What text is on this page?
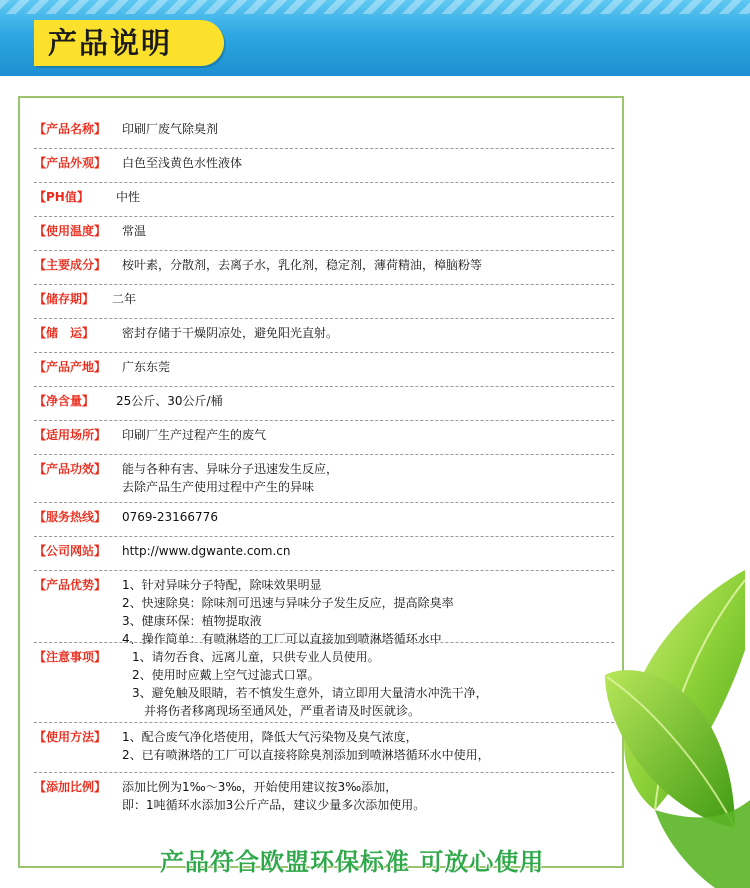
产品说明
【产品名称】 印刷厂废气除臭剂
【产品外观】 白色至浅黄色水性液体
【PH值】 中性
【使用温度】 常温
【主要成分】 桉叶素，分散剂，去离子水，乳化剂，稳定剂，薄荷精油，樟脑粉等
【储存期】 二年
【储　运】 密封存储于干燥阴凉处，避免阳光直射。
【产品产地】 广东东莞
【净含量】 25公斤、30公斤/桶
【适用场所】 印刷厂生产过程产生的废气
【产品功效】 能与各种有害、异味分子迅速发生反应，
去除产品生产使用过程中产生的异味
【服务热线】 0769-23166776
【公司网站】 http://www.dgwante.com.cn
【产品优势】 1、针对异味分子特配，除味效果明显
2、快速除臭：除味剂可迅速与异味分子发生反应，提高除臭率
3、健康环保：植物提取液
4、操作简单：有喷淋塔的工厂可以直接加到喷淋塔循环水中
【注意事项】 1、请勿吞食、远离儿童，只供专业人员使用。
2、使用时应戴上空气过滤式口罩。
3、避免触及眼睛，若不慎发生意外，请立即用大量清水冲洗干净，
　并将伤者移离现场至通风处，严重者请及时医就诊。
【使用方法】 1、配合废气净化塔使用，降低大气污染物及臭气浓度，
2、已有喷淋塔的工厂可以直接将除臭剂添加到喷淋塔循环水中使用，
【添加比例】 添加比例为1‰～3‰，开始使用建议按3‰添加，
即：1吨循环水添加3公斤产品，建议少量多次添加使用。
产品符合欧盟环保标准 可放心使用
